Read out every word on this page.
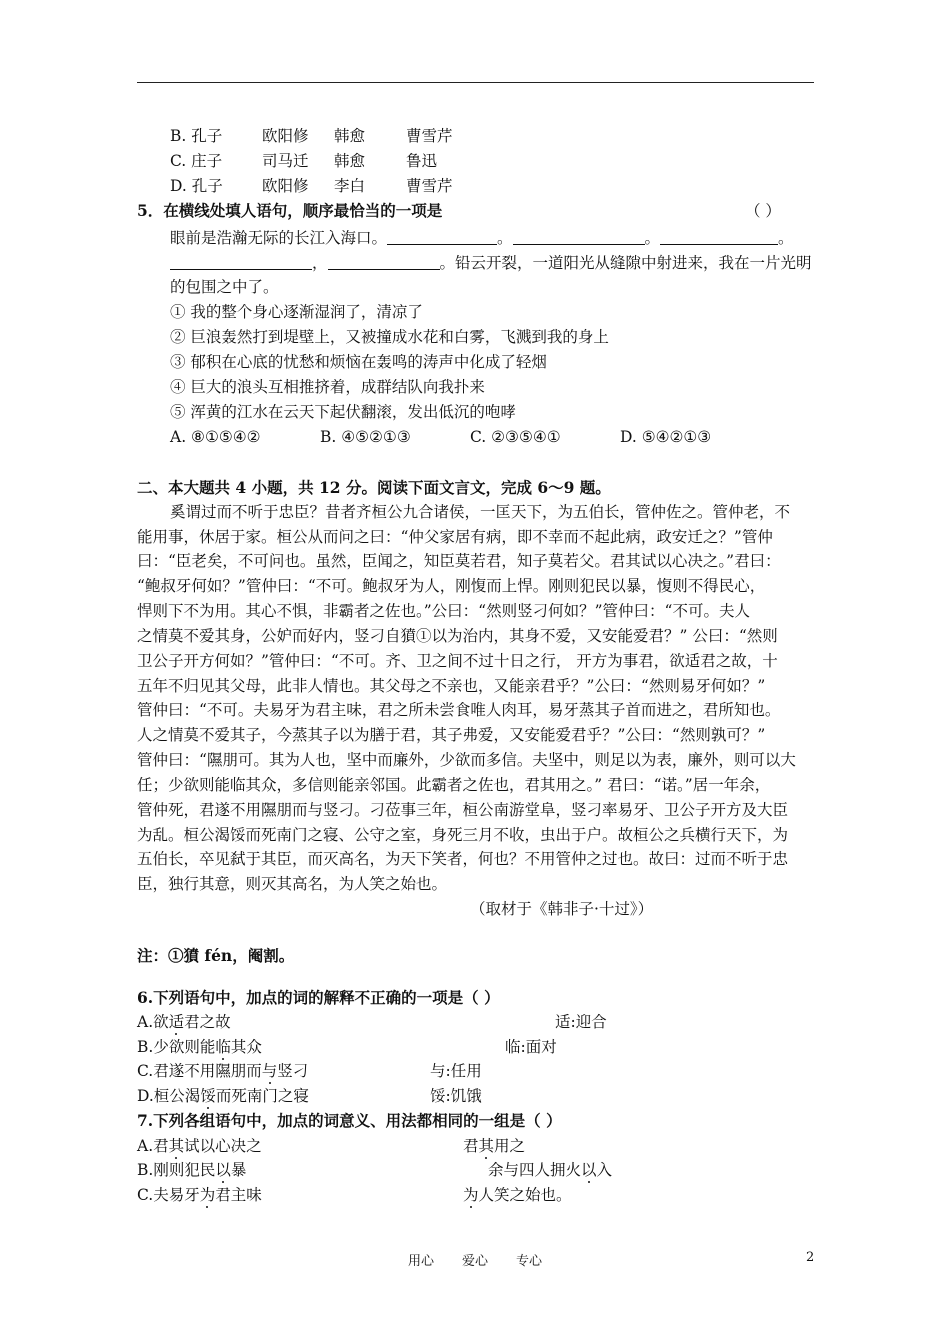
B. 孔子	欧阳修 韩愈	曹雪芹
C. 庄子	司马迁 韩愈	鲁迅
D. 孔子	欧阳修 李白	曹雪芹
5．在横线处填人语句，顺序最恰当的一项是	（ ）
眼前是浩瀚无际的长江入海口。	。	。	。
，	。铅云开裂，一道阳光从缝隙中射进来，我在一片光明
的包围之中了。
① 我的整个身心逐渐湿润了，清凉了
② 巨浪轰然打到堤壁上，又被撞成水花和白雾，飞溅到我的身上
③ 郁积在心底的忧愁和烦恼在轰鸣的涛声中化成了轻烟
④ 巨大的浪头互相推挤着，成群结队向我扑来
⑤ 浑黄的江水在云天下起伏翻滚，发出低沉的咆哮
A. ⑧①⑤④②	B. ④⑤②①③	C. ②③⑤④①	D. ⑤④②①③
二、本大题共 4 小题，共 12 分。阅读下面文言文，完成 6～9 题。
奚谓过而不听于忠臣？昔者齐桓公九合诸侯，一匡天下，为五伯长，管仲佐之。管仲老，不
能用事，休居于家。桓公从而问之曰：“仲父家居有病，即不幸而不起此病，政安迁之？”管仲
曰：“臣老矣，不可问也。虽然，臣闻之，知臣莫若君，知子莫若父。君其试以心决之。”君曰：
“鲍叔牙何如？”管仲曰：“不可。鲍叔牙为人，刚愎而上悍。刚则犯民以暴，愎则不得民心，
悍则下不为用。其心不惧，非霸者之佐也。”公曰：“然则竖刁何如？”管仲曰：“不可。夫人
之情莫不爱其身，公妒而好内，竖刁自獖①以为治内，其身不爱，又安能爱君？” 公曰：“然则
卫公子开方何如？”管仲曰：“不可。齐、卫之间不过十日之行， 开方为事君，欲适君之故，十
五年不归见其父母，此非人情也。其父母之不亲也，又能亲君乎？”公曰：“然则易牙何如？”
管仲曰：“不可。夫易牙为君主味，君之所未尝食唯人肉耳，易牙蒸其子首而进之，君所知也。
人之情莫不爱其子，今蒸其子以为膳于君，其子弗爱，又安能爱君乎？”公曰：“然则孰可？”
管仲曰：“隰朋可。其为人也，坚中而廉外，少欲而多信。夫坚中，则足以为表，廉外，则可以大
任；少欲则能临其众，多信则能亲邻国。此霸者之佐也，君其用之。” 君曰：“诺。”居一年余，
管仲死，君遂不用隰朋而与竖刁。刁莅事三年，桓公南游堂阜，竖刁率易牙、卫公子开方及大臣
为乱。桓公渴馁而死南门之寝、公守之室，身死三月不收，虫出于户。故桓公之兵横行天下，为
五伯长，卒见弑于其臣，而灭高名，为天下笑者，何也？不用管仲之过也。故曰：过而不听于忠
臣，独行其意，则灭其高名，为人笑之始也。
（取材于《韩非子·十过》）
注：①獖 fén，阉割。
6.下列语句中，加点的词的解释不正确的一项是（ ）
A.欲适君之故	适:迎合
B.少欲则能临其众	临:面对
C.君遂不用隰朋而与竖刁	与:任用
D.桓公渴馁而死南门之寝	馁:饥饿
7.下列各组语句中，加点的词意义、用法都相同的一组是（ ）
A.君其试以心决之	君其用之
B.刚则犯民以暴	余与四人拥火以入
C.夫易牙为君主味	为人笑之始也。
用心 爱心 专心	2
